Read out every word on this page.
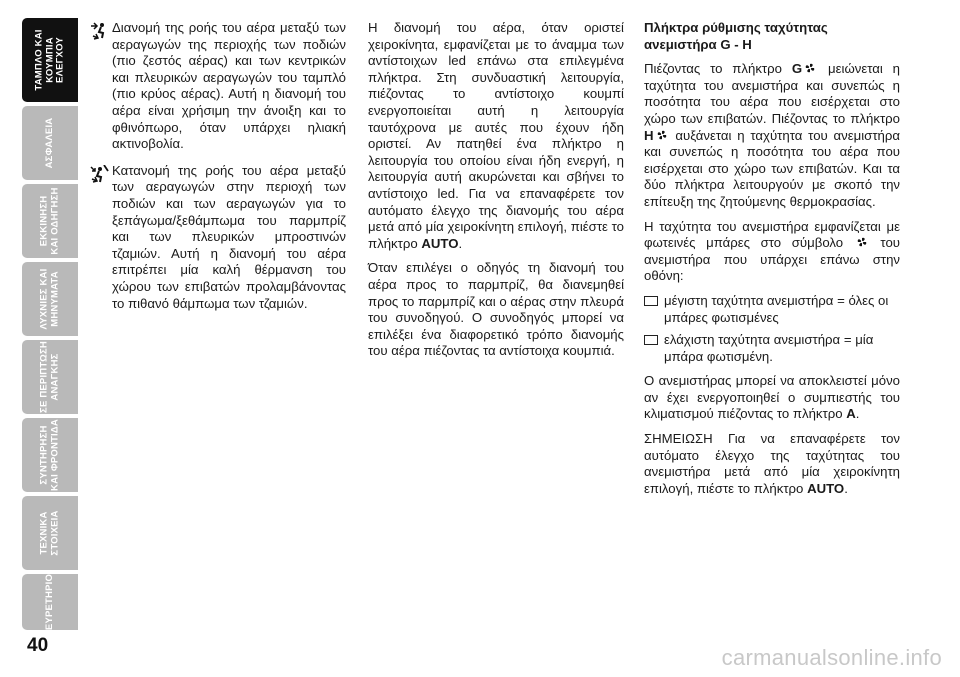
ΤΑΜΠΛΟ ΚΑΙ
ΚΟΥΜΠΙΑ
ΕΛΕΓΧΟΥ
ΑΣΦΑΛΕΙΑ
ΕΚΚΙΝΗΣΗ
ΚΑΙ ΟΔΗΓΗΣΗ
ΛΥΧΝΙΕΣ ΚΑΙ
ΜΗΝΥΜΑΤΑ
ΣΕ ΠΕΡΙΠΤΩΣΗ
ΑΝΑΓΚΗΣ
ΣΥΝΤΗΡΗΣΗ
ΚΑΙ ΦΡΟΝΤΙΔΑ
ΤΕΧΝΙΚΑ
ΣΤΟΙΧΕΙΑ
ΕΥΡΕΤΗΡΙΟ
40
Διανομή της ροής του αέρα μεταξύ των αεραγωγών της περιοχής των ποδιών (πιο ζεστός αέρας) και των κεντρικών και πλευρικών αεραγωγών του ταμπλό (πιο κρύος αέρας). Αυτή η διανομή του αέρα είναι χρήσιμη την άνοιξη και το φθινόπωρο, όταν υπάρχει ηλιακή ακτινοβολία.
Κατανομή της ροής του αέρα μεταξύ των αεραγωγών στην περιοχή των ποδιών και των αεραγωγών για το ξεπάγωμα/ξεθάμπωμα του παρμπρίζ και των πλευρικών μπροστινών τζαμιών. Αυτή η διανομή του αέρα επιτρέπει μία καλή θέρμανση του χώρου των επιβατών προλαμβάνοντας το πιθανό θάμπωμα των τζαμιών.

Η διανομή του αέρα, όταν οριστεί χειροκίνητα, εμφανίζεται με το άναμμα των αντίστοιχων led επάνω στα επιλεγμένα πλήκτρα. Στη συνδυαστική λειτουργία, πιέζοντας το αντίστοιχο κουμπί ενεργοποιείται αυτή η λειτουργία ταυτόχρονα με αυτές που έχουν ήδη οριστεί. Αν πατηθεί ένα πλήκτρο η λειτουργία του οποίου είναι ήδη ενεργή, η λειτουργία αυτή ακυρώνεται και σβήνει το αντίστοιχο led. Για να επαναφέρετε τον αυτόματο έλεγχο της διανομής του αέρα μετά από μία χειροκίνητη επιλογή, πιέστε το πλήκτρο AUTO.

Όταν επιλέγει ο οδηγός τη διανομή του αέρα προς το παρμπρίζ, θα διανεμηθεί προς το παρμπρίζ και ο αέρας στην πλευρά του συνοδηγού. Ο συνοδηγός μπορεί να επιλέξει ένα διαφορετικό τρόπο διανομής του αέρα πιέζοντας τα αντίστοιχα κουμπιά.

Πλήκτρα ρύθμισης ταχύτητας
ανεμιστήρα G - H

Πιέζοντας το πλήκτρο G μειώνεται η ταχύτητα του ανεμιστήρα και συνεπώς η ποσότητα του αέρα που εισέρχεται στο χώρο των επιβατών. Πιέζοντας το πλήκτρο H αυξάνεται η ταχύτητα του ανεμιστήρα και συνεπώς η ποσότητα του αέρα που εισέρχεται στο χώρο των επιβατών. Και τα δύο πλήκτρα λειτουργούν με σκοπό την επίτευξη της ζητούμενης θερμοκρασίας.

Η ταχύτητα του ανεμιστήρα εμφανίζεται με φωτεινές μπάρες στο σύμβολο	του ανεμιστήρα που υπάρχει επάνω στην οθόνη:

μέγιστη ταχύτητα ανεμιστήρα = όλες οι μπάρες φωτισμένες
ελάχιστη ταχύτητα ανεμιστήρα = μία μπάρα φωτισμένη.

Ο ανεμιστήρας μπορεί να αποκλειστεί μόνο αν έχει ενεργοποιηθεί ο συμπιεστής του κλιματισμού πιέζοντας το πλήκτρο A.

ΣΗΜΕΙΩΣΗ Για να επαναφέρετε τον αυτόματο έλεγχο της ταχύτητας του ανεμιστήρα μετά από μία χειροκίνητη επιλογή, πιέστε το πλήκτρο AUTO.

carmanualsonline.info
